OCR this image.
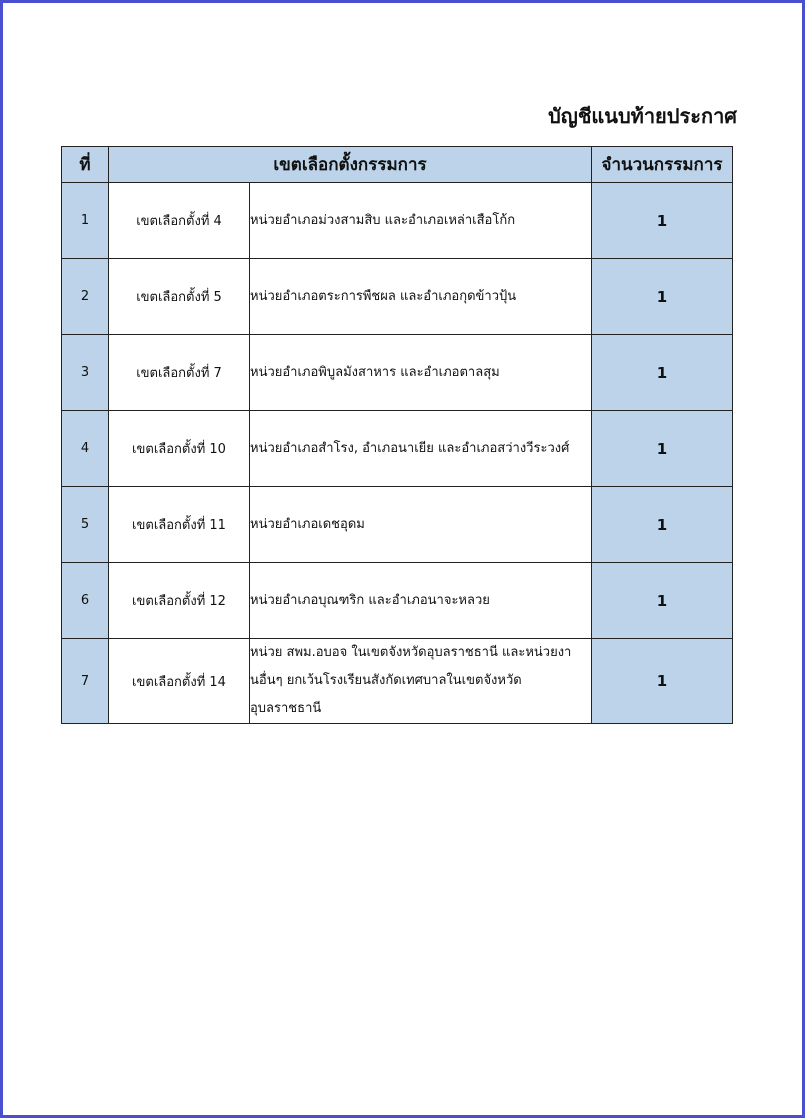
บัญชีแนบท้ายประกาศ
ที่	เขตเลือกตั้งกรรมการ		จำนวนกรรมการ
1	เขตเลือกตั้งที่ 4	หน่วยอำเภอม่วงสามสิบ และอำเภอเหล่าเสือโก้ก	1
2	เขตเลือกตั้งที่ 5	หน่วยอำเภอตระการพืชผล และอำเภอกุดข้าวปุ้น	1
3	เขตเลือกตั้งที่ 7	หน่วยอำเภอพิบูลมังสาหาร และอำเภอตาลสุม	1
4	เขตเลือกตั้งที่ 10	หน่วยอำเภอสำโรง, อำเภอนาเยีย และอำเภอสว่างวีระวงศ์	1
5	เขตเลือกตั้งที่ 11	หน่วยอำเภอเดชอุดม	1
6	เขตเลือกตั้งที่ 12	หน่วยอำเภอบุณฑริก และอำเภอนาจะหลวย	1
7	เขตเลือกตั้งที่ 14	หน่วย สพม.อบอจ ในเขตจังหวัดอุบลราชธานี และหน่วยงานอื่นๆ ยกเว้นโรงเรียนสังกัดเทศบาลในเขตจังหวัดอุบลราชธานี	1
